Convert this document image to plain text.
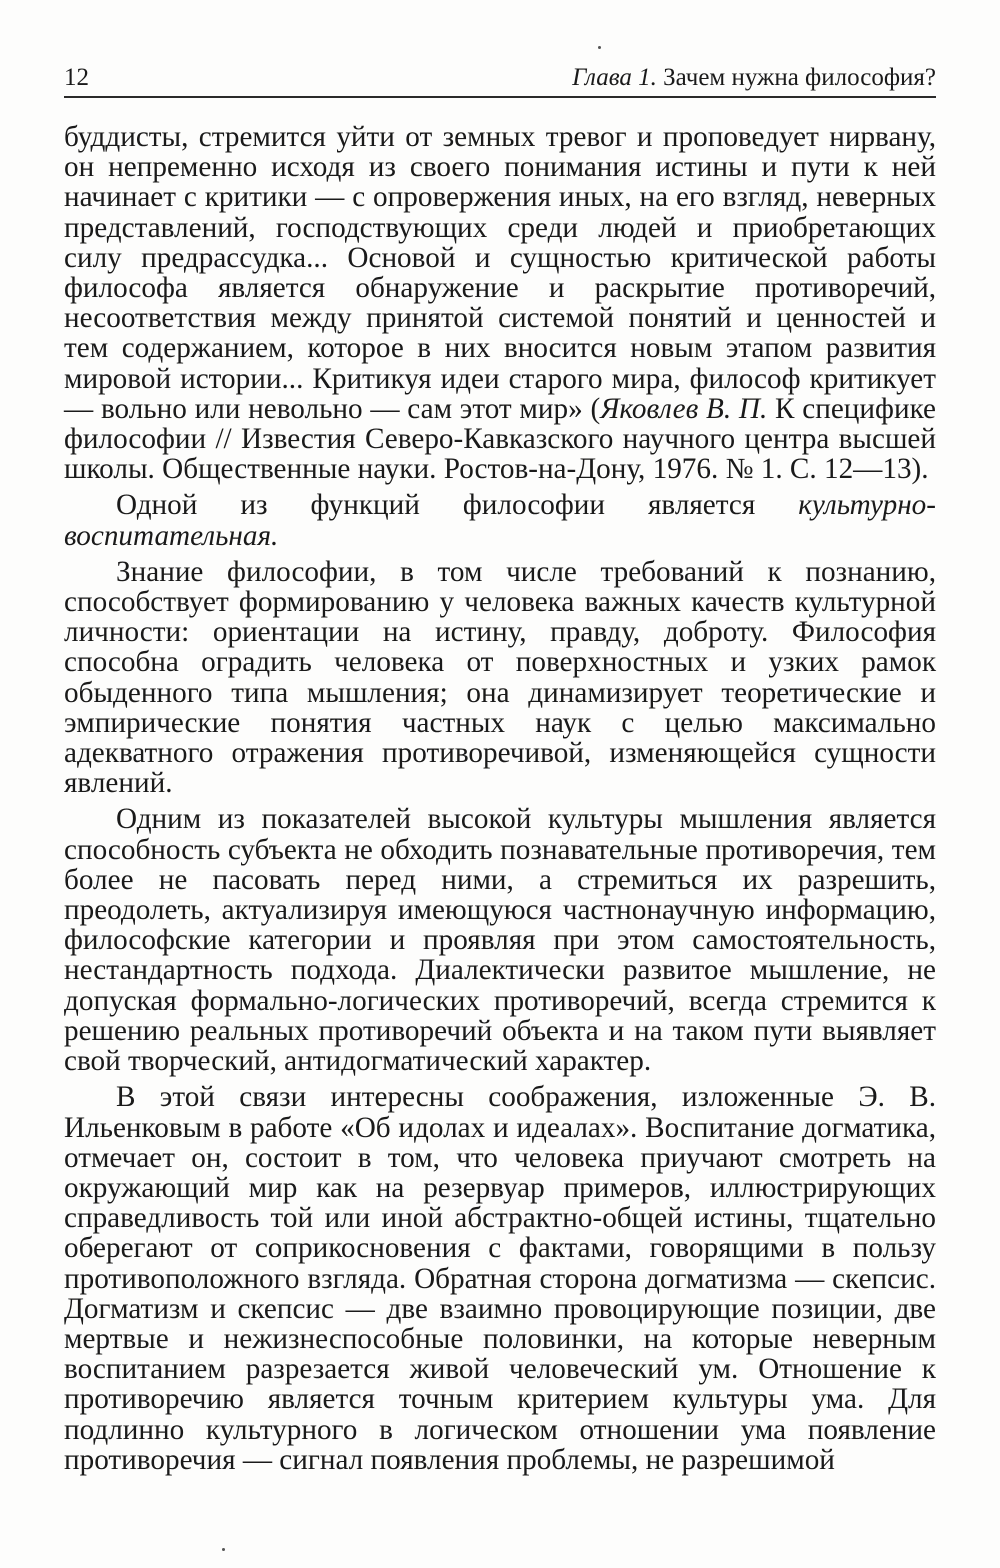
12	Глава 1. Зачем нужна философия?

буддисты, стремится уйти от земных тревог и проповедует нирвану, он непременно исходя из своего понимания истины и пути к ней начинает с критики — с опровержения иных, на его взгляд, неверных представлений, господствующих среди людей и приобретающих силу предрассудка... Основой и сущностью критической работы философа является обнаружение и раскрытие противоречий, несоответствия между принятой системой понятий и ценностей и тем содержанием, которое в них вносится новым этапом развития мировой истории... Критикуя идеи старого мира, философ критикует — вольно или невольно — сам этот мир» (Яковлев В. П. К специфике философии // Известия Северо-Кавказского научного центра высшей школы. Общественные науки. Ростов-на-Дону, 1976. № 1. С. 12—13).

Одной из функций философии является культурно-воспитательная.

Знание философии, в том числе требований к познанию, способствует формированию у человека важных качеств культурной личности: ориентации на истину, правду, доброту. Философия способна оградить человека от поверхностных и узких рамок обыденного типа мышления; она динамизирует теоретические и эмпирические понятия частных наук с целью максимально адекватного отражения противоречивой, изменяющейся сущности явлений.

Одним из показателей высокой культуры мышления является способность субъекта не обходить познавательные противоречия, тем более не пасовать перед ними, а стремиться их разрешить, преодолеть, актуализируя имеющуюся частнонаучную информацию, философские категории и проявляя при этом самостоятельность, нестандартность подхода. Диалектически развитое мышление, не допуская формально-логических противоречий, всегда стремится к решению реальных противоречий объекта и на таком пути выявляет свой творческий, антидогматический характер.

В этой связи интересны соображения, изложенные Э. В. Ильенковым в работе «Об идолах и идеалах». Воспитание догматика, отмечает он, состоит в том, что человека приучают смотреть на окружающий мир как на резервуар примеров, иллюстрирующих справедливость той или иной абстрактно-общей истины, тщательно оберегают от соприкосновения с фактами, говорящими в пользу противоположного взгляда. Обратная сторона догматизма — скепсис. Догматизм и скепсис — две взаимно провоцирующие позиции, две мертвые и нежизнеспособные половинки, на которые неверным воспитанием разрезается живой человеческий ум. Отношение к противоречию является точным критерием культуры ума. Для подлинно культурного в логическом отношении ума появление противоречия — сигнал появления проблемы, не разрешимой
